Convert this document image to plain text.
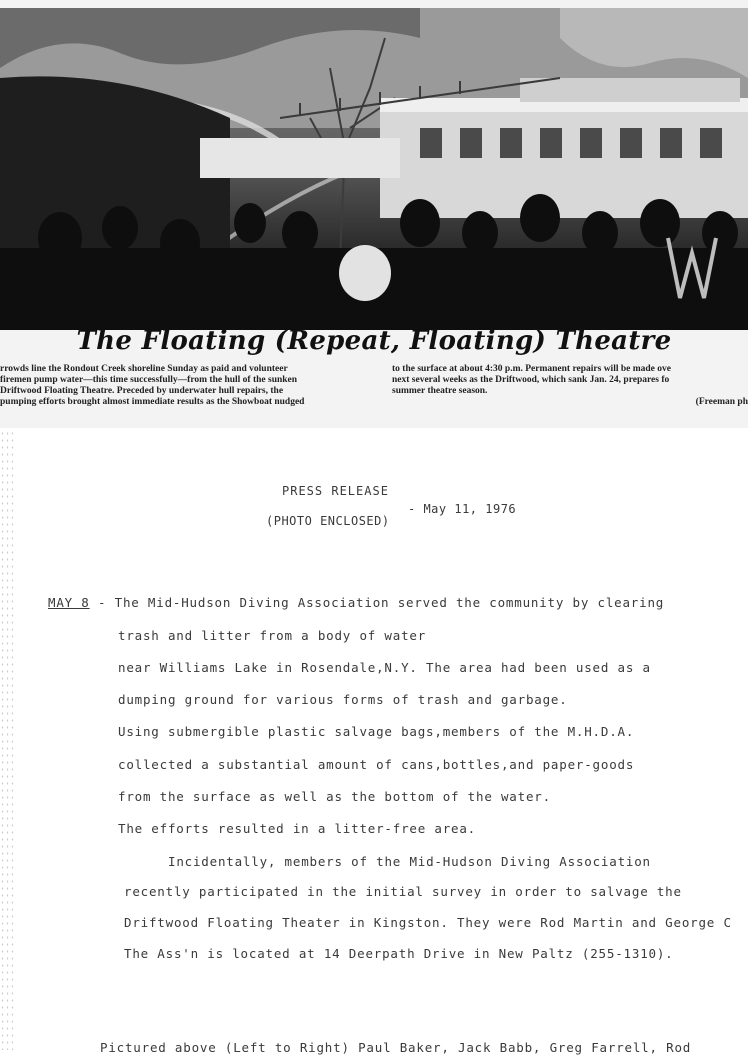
The Floating (Repeat, Floating) Theatre
rrowds line the Rondout Creek shoreline Sunday as paid and volunteer
firemen pump water—this time successfully—from the hull of the sunken
Driftwood Floating Theatre. Preceded by underwater hull repairs, the
pumping efforts brought almost immediate results as the Showboat nudged
to the surface at about 4:30 p.m. Permanent repairs will be made ove
next several weeks as the Driftwood, which sank Jan. 24, prepares fo
summer theatre season.
(Freeman ph
PRESS RELEASE
- May 11, 1976
(PHOTO ENCLOSED)
MAY 8 - The Mid-Hudson Diving Association served the community by clearing
trash and litter from a body of water
near Williams Lake in Rosendale,N.Y. The area had been used as a
dumping ground for various forms of trash and garbage.
Using submergible plastic salvage bags,members of the M.H.D.A.
collected a substantial amount of cans,bottles,and paper-goods
from the surface as well as the bottom of the water.
The efforts resulted in a litter-free area.
Incidentally, members of the Mid-Hudson Diving Association
recently participated in the initial survey in order to salvage the
Driftwood Floating Theater in Kingston. They were Rod Martin and George C
The Ass'n is located at 14 Deerpath Drive in New Paltz (255-1310).
Pictured above (Left to Right) Paul Baker, Jack Babb, Greg Farrell, Rod
